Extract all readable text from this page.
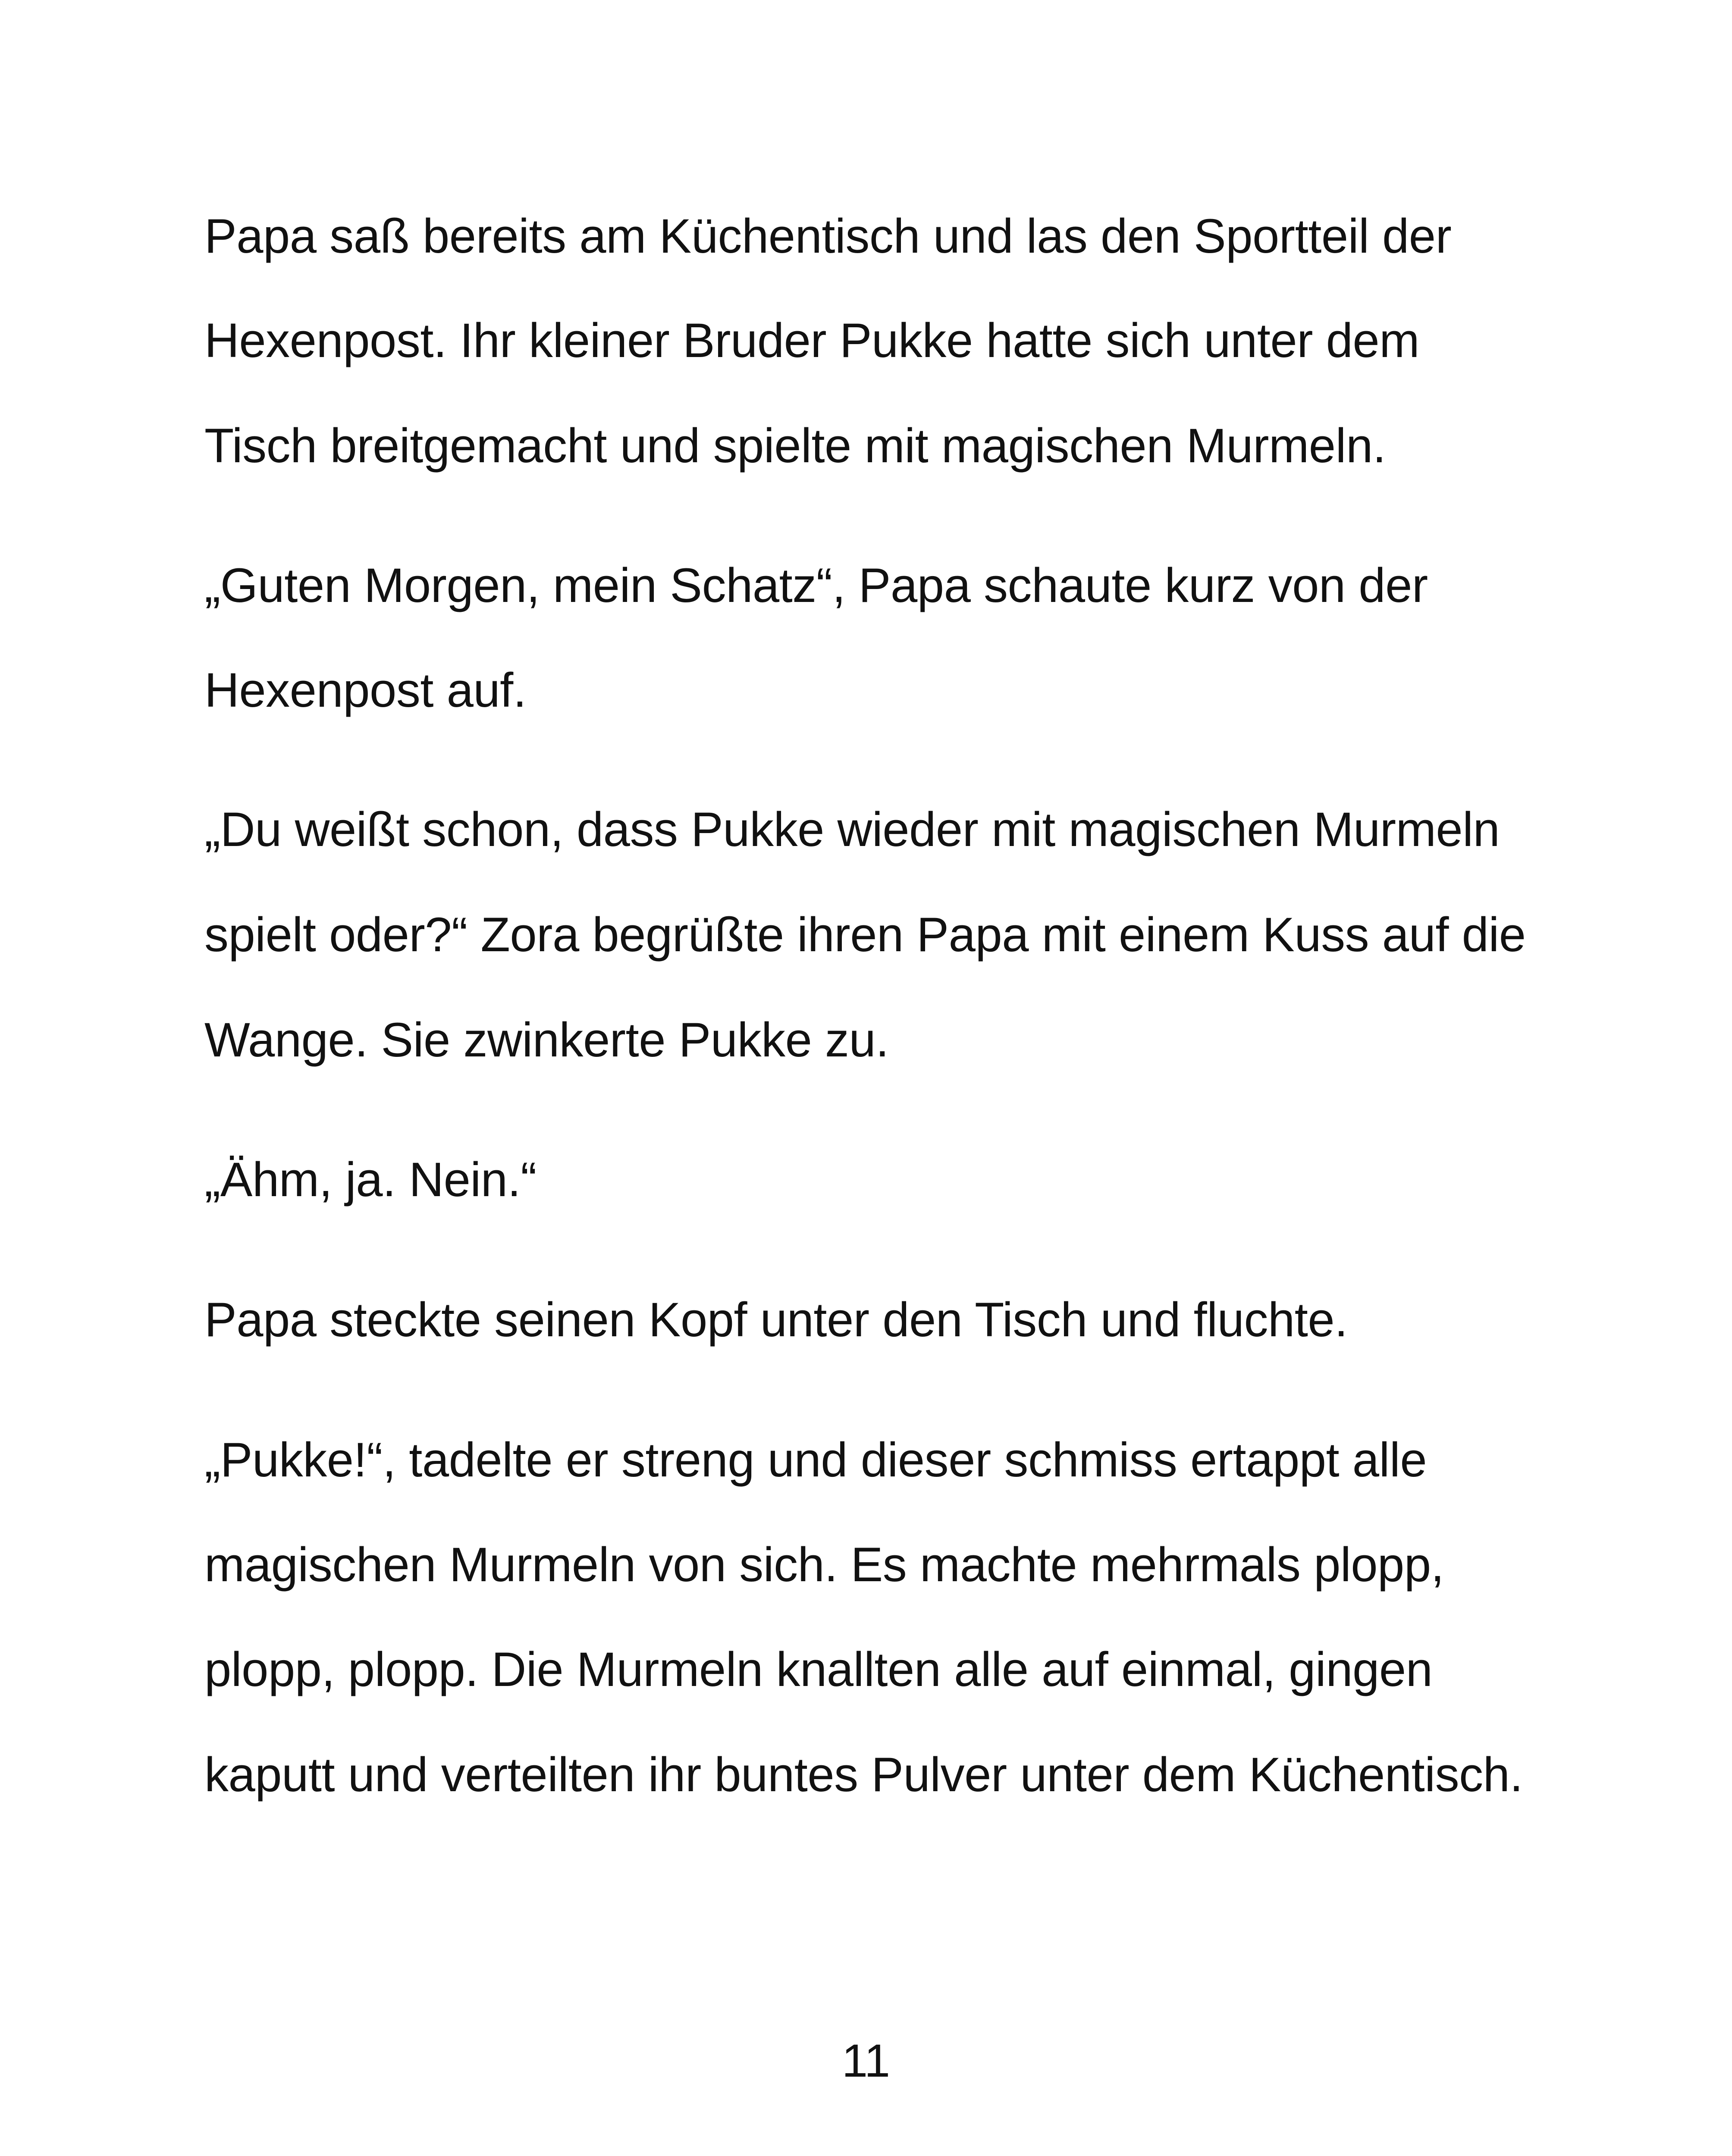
Papa saß bereits am Küchentisch und las den Sportteil der
Hexenpost. Ihr kleiner Bruder Pukke hatte sich unter dem
Tisch breitgemacht und spielte mit magischen Murmeln.
„Guten Morgen, mein Schatz“, Papa schaute kurz von der
Hexenpost auf.
„Du weißt schon, dass Pukke wieder mit magischen Murmeln
spielt oder?“ Zora begrüßte ihren Papa mit einem Kuss auf die
Wange. Sie zwinkerte Pukke zu.
„Ähm, ja. Nein.“
Papa steckte seinen Kopf unter den Tisch und fluchte.
„Pukke!“, tadelte er streng und dieser schmiss ertappt alle
magischen Murmeln von sich. Es machte mehrmals plopp,
plopp, plopp. Die Murmeln knallten alle auf einmal, gingen
kaputt und verteilten ihr buntes Pulver unter dem Küchentisch.
11
